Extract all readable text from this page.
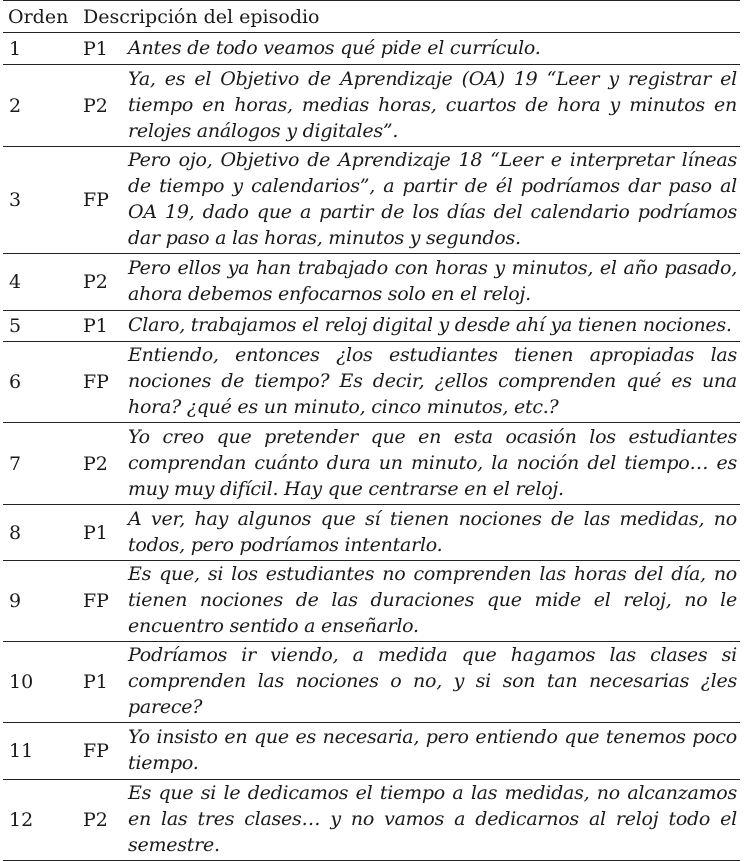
Orden	Descripción del episodio	
1	P1	Antes de todo veamos qué pide el currículo.
2	P2	Ya, es el Objetivo de Aprendizaje (OA) 19 “Leer y registrar el tiempo en horas, medias horas, cuartos de hora y minutos en relojes análogos y digitales”.
3	FP	Pero ojo, Objetivo de Aprendizaje 18 “Leer e interpretar líneas de tiempo y calendarios”, a partir de él podríamos dar paso al OA 19, dado que a partir de los días del calendario podríamos dar paso a las horas, minutos y segundos.
4	P2	Pero ellos ya han trabajado con horas y minutos, el año pasado, ahora debemos enfocarnos solo en el reloj.
5	P1	Claro, trabajamos el reloj digital y desde ahí ya tienen nociones.
6	FP	Entiendo, entonces ¿los estudiantes tienen apropiadas las nociones de tiempo? Es decir, ¿ellos comprenden qué es una hora? ¿qué es un minuto, cinco minutos, etc.?
7	P2	Yo creo que pretender que en esta ocasión los estudiantes comprendan cuánto dura un minuto, la noción del tiempo… es muy muy difícil. Hay que centrarse en el reloj.
8	P1	A ver, hay algunos que sí tienen nociones de las medidas, no todos, pero podríamos intentarlo.
9	FP	Es que, si los estudiantes no comprenden las horas del día, no tienen nociones de las duraciones que mide el reloj, no le encuentro sentido a enseñarlo.
10	P1	Podríamos ir viendo, a medida que hagamos las clases si comprenden las nociones o no, y si son tan necesarias ¿les parece?
11	FP	Yo insisto en que es necesaria, pero entiendo que tenemos poco tiempo.
12	P2	Es que si le dedicamos el tiempo a las medidas, no alcanzamos en las tres clases… y no vamos a dedicarnos al reloj todo el semestre.
